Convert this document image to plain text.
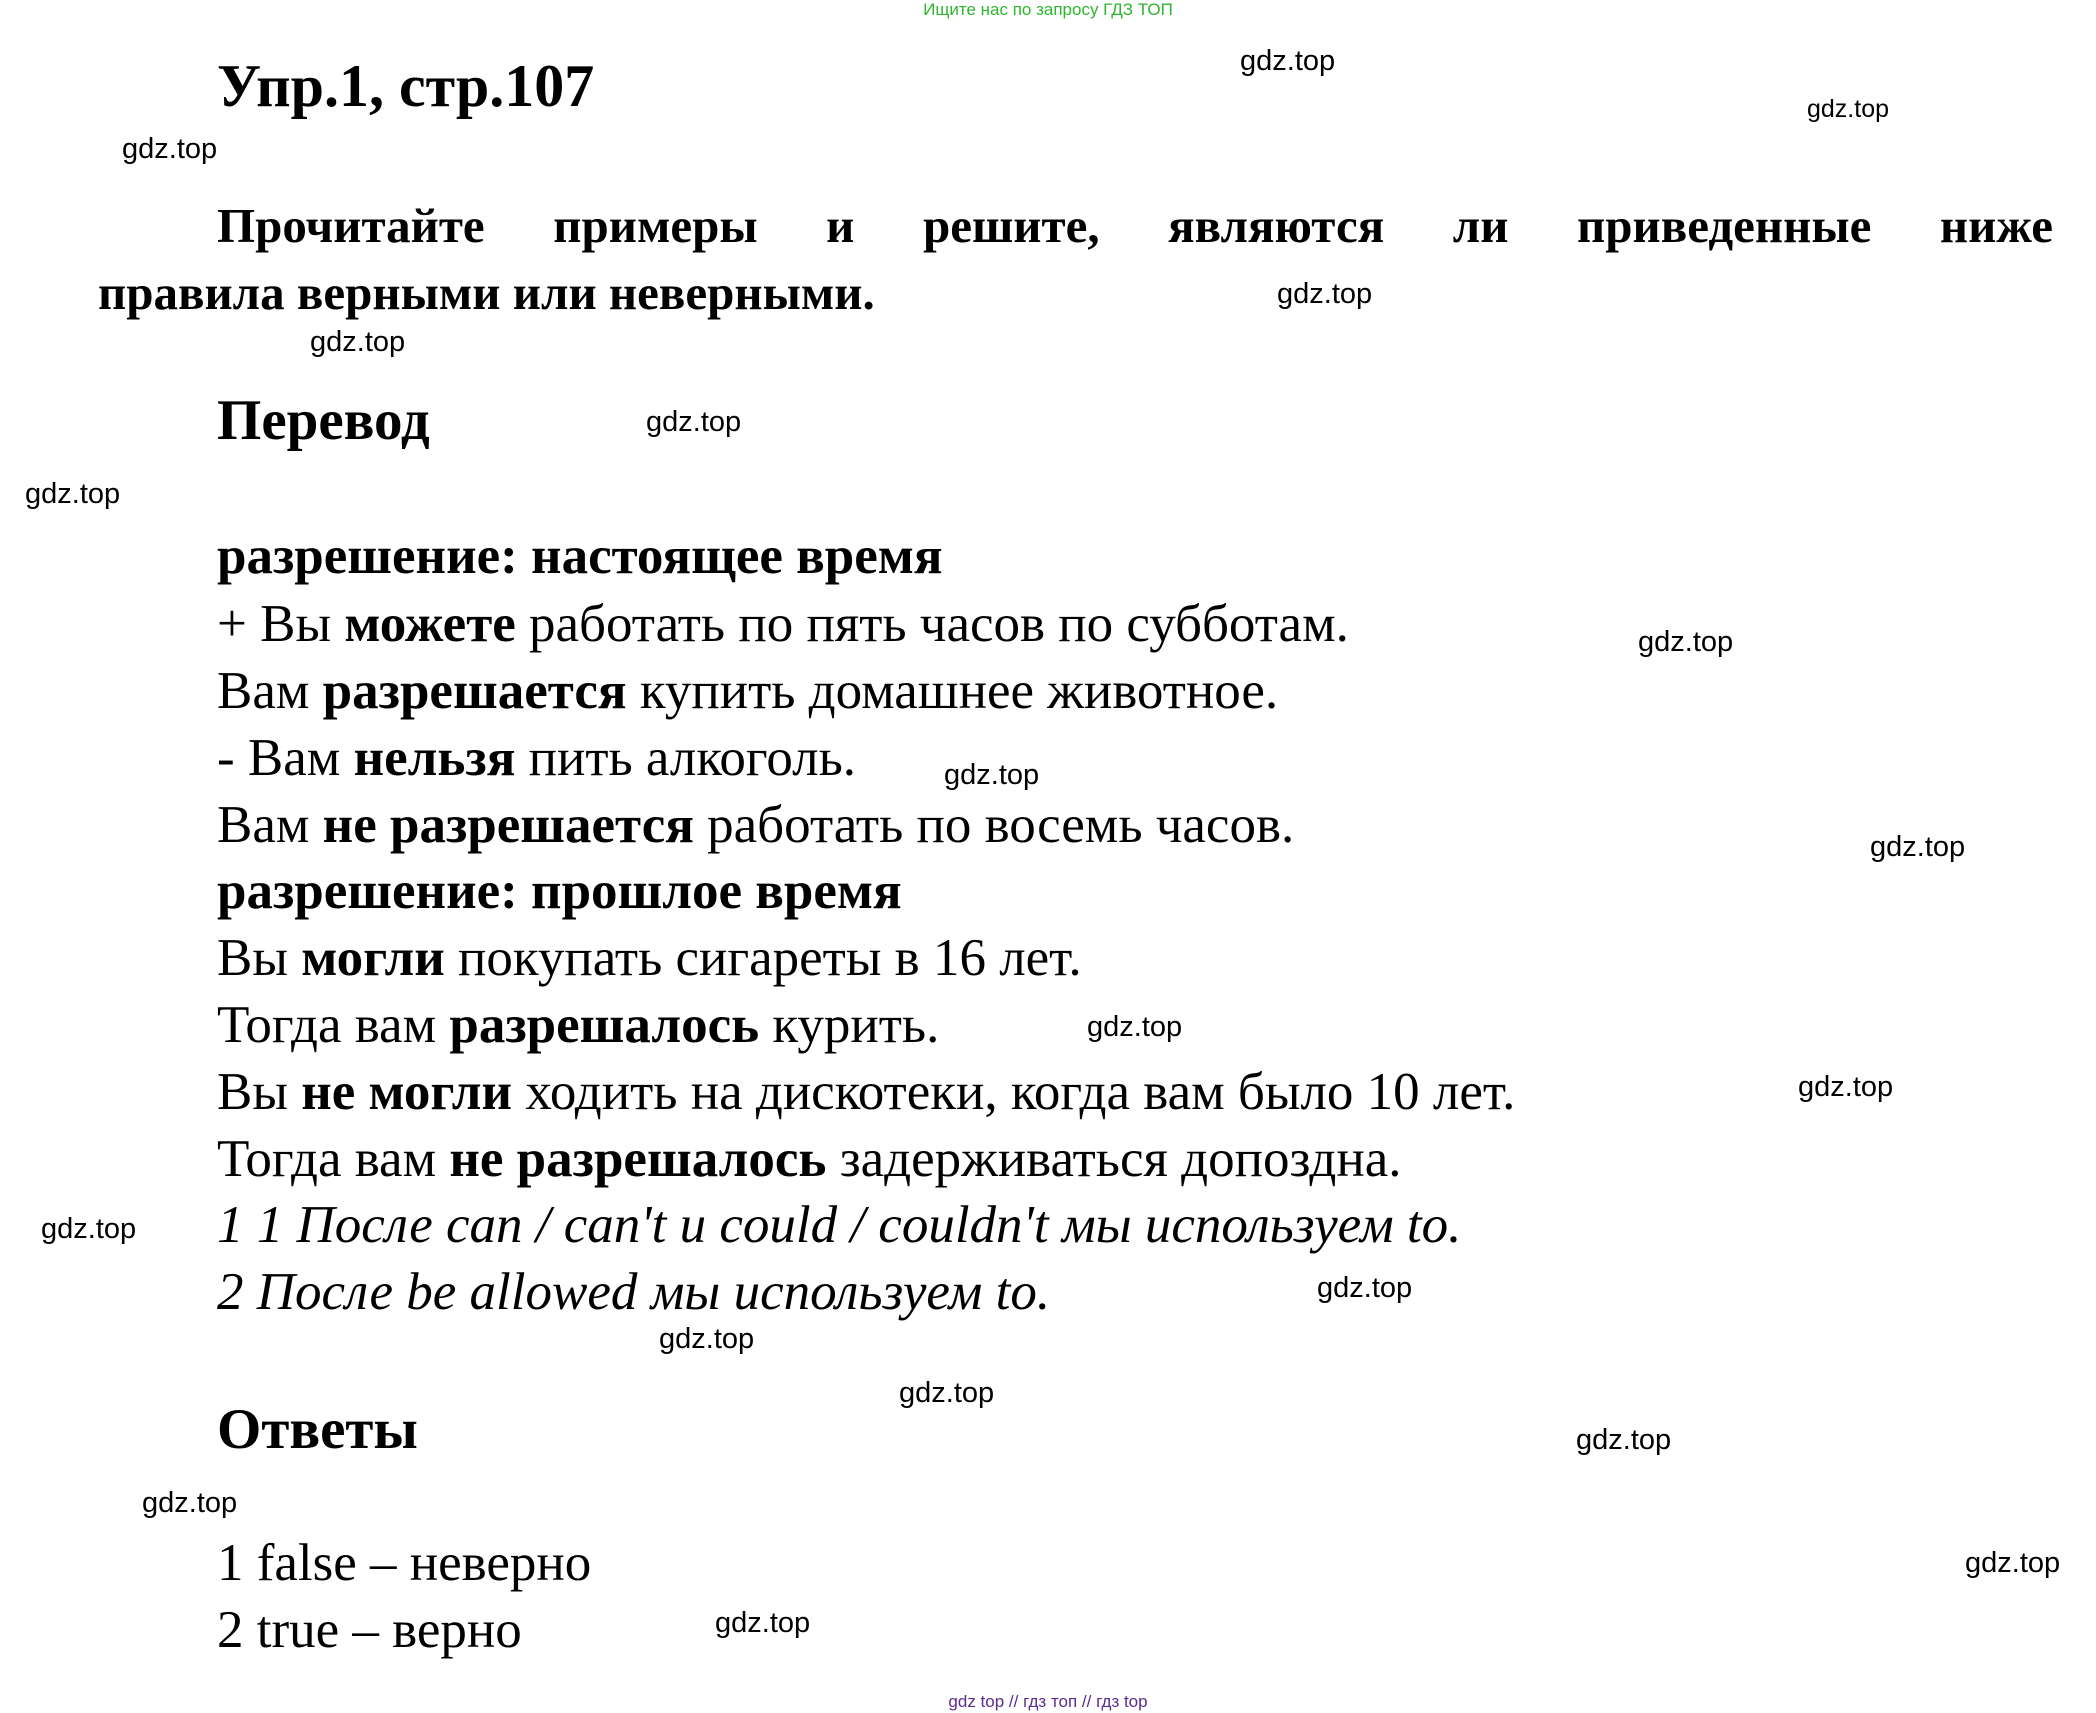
Ищите нас по запросу ГДЗ ТОП
Упр.1, стр.107
Прочитайте примеры и решите, являются ли приведенные ниже
правила верными или неверными.
Перевод
разрешение: настоящее время
+ Вы можете работать по пять часов по субботам.
Вам разрешается купить домашнее животное.
- Вам нельзя пить алкоголь.
Вам не разрешается работать по восемь часов.
разрешение: прошлое время
Вы могли покупать сигареты в 16 лет.
Тогда вам разрешалось курить.
Вы не могли ходить на дискотеки, когда вам было 10 лет.
Тогда вам не разрешалось задерживаться допоздна.
1 1 После can / can't и could / couldn't мы используем to.
2 После be allowed мы используем to.
Ответы
1 false – неверно
2 true – верно
gdz.top
gdz.top
gdz.top
gdz.top
gdz.top
gdz.top
gdz.top
gdz.top
gdz.top
gdz.top
gdz.top
gdz.top
gdz.top
gdz.top
gdz.top
gdz.top
gdz.top
gdz.top
gdz.top
gdz.top
gdz top // гдз топ // гдз top
